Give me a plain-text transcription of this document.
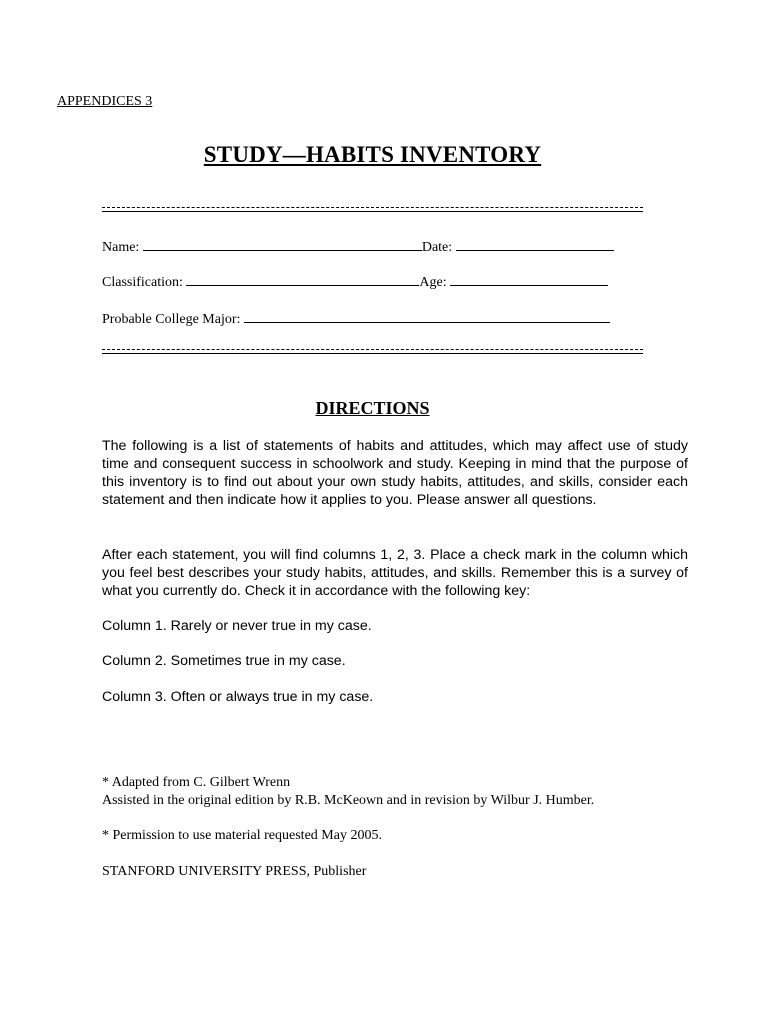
APPENDICES 3
STUDY—HABITS INVENTORY
Name:	Date:
Classification:	Age:
Probable College Major:
DIRECTIONS
The following is a list of statements of habits and attitudes, which may affect use of study time and consequent success in schoolwork and study. Keeping in mind that the purpose of this inventory is to find out about your own study habits, attitudes, and skills, consider each statement and then indicate how it applies to you. Please answer all questions.
After each statement, you will find columns 1, 2, 3. Place a check mark in the column which you feel best describes your study habits, attitudes, and skills. Remember this is a survey of what you currently do. Check it in accordance with the following key:
Column 1. Rarely or never true in my case.
Column 2. Sometimes true in my case.
Column 3. Often or always true in my case.
* Adapted from C. Gilbert Wrenn
Assisted in the original edition by R.B. McKeown and in revision by Wilbur J. Humber.
* Permission to use material requested May 2005.
STANFORD UNIVERSITY PRESS, Publisher
